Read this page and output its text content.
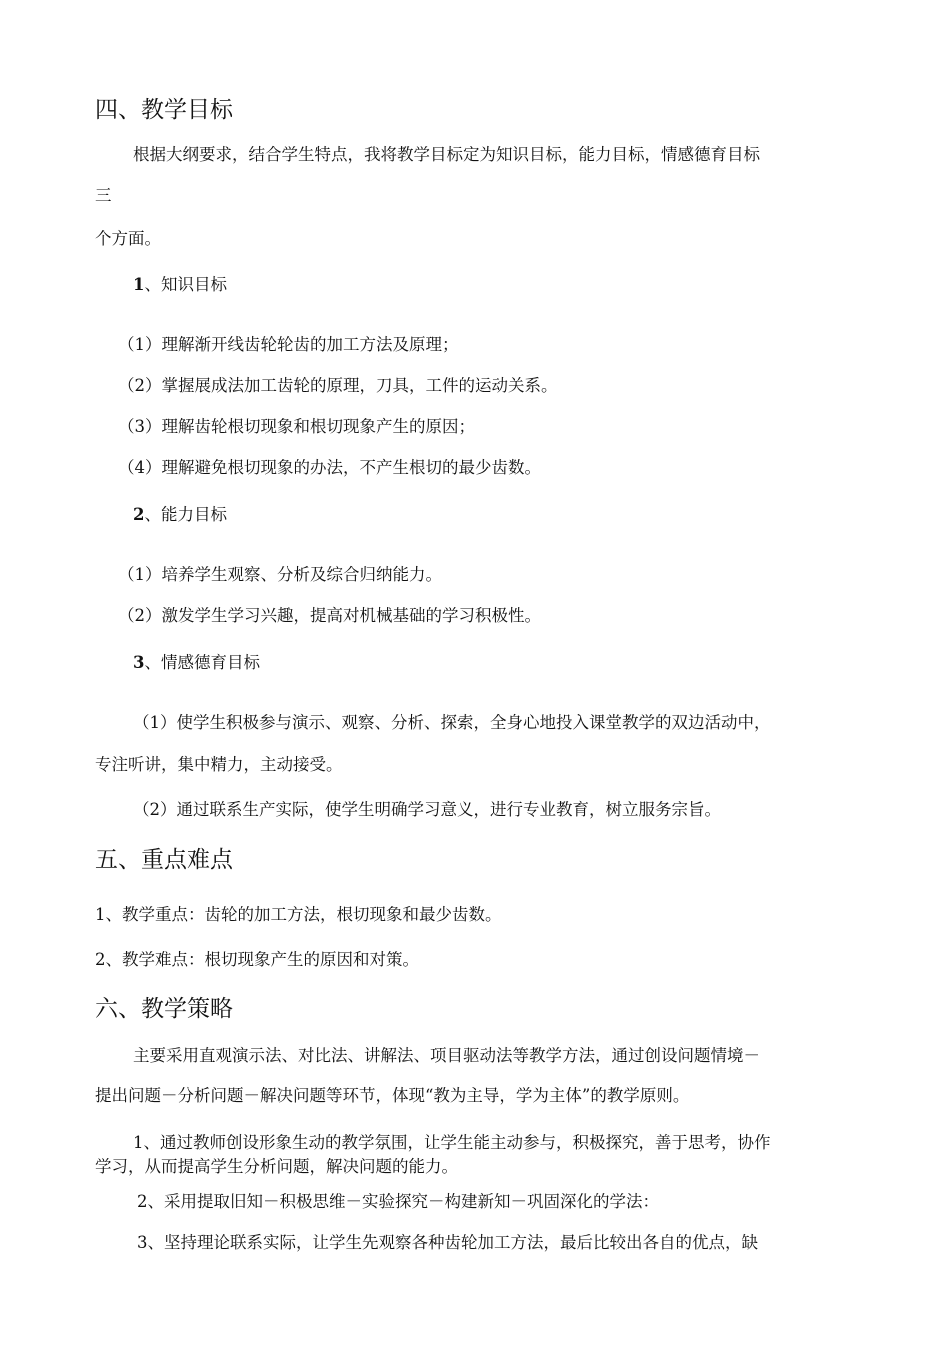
四、教学目标
根据大纲要求，结合学生特点，我将教学目标定为知识目标，能力目标，情感德育目标
三
个方面。
1、知识目标
（1）理解渐开线齿轮轮齿的加工方法及原理；
（2）掌握展成法加工齿轮的原理，刀具，工件的运动关系。
（3）理解齿轮根切现象和根切现象产生的原因；
（4）理解避免根切现象的办法，不产生根切的最少齿数。
2、能力目标
（1）培养学生观察、分析及综合归纳能力。
（2）激发学生学习兴趣，提高对机械基础的学习积极性。
3、情感德育目标
（1）使学生积极参与演示、观察、分析、探索，全身心地投入课堂教学的双边活动中，
专注听讲，集中精力，主动接受。
（2）通过联系生产实际，使学生明确学习意义，进行专业教育，树立服务宗旨。
五、重点难点
1、教学重点：齿轮的加工方法，根切现象和最少齿数。
2、教学难点：根切现象产生的原因和对策。
六、教学策略
主要采用直观演示法、对比法、讲解法、项目驱动法等教学方法，通过创设问题情境－
提出问题－分析问题－解决问题等环节，体现“教为主导，学为主体”的教学原则。
1、通过教师创设形象生动的教学氛围，让学生能主动参与，积极探究，善于思考，协作
学习，从而提高学生分析问题，解决问题的能力。
2、采用提取旧知－积极思维－实验探究－构建新知－巩固深化的学法：
3、坚持理论联系实际，让学生先观察各种齿轮加工方法，最后比较出各自的优点，缺
